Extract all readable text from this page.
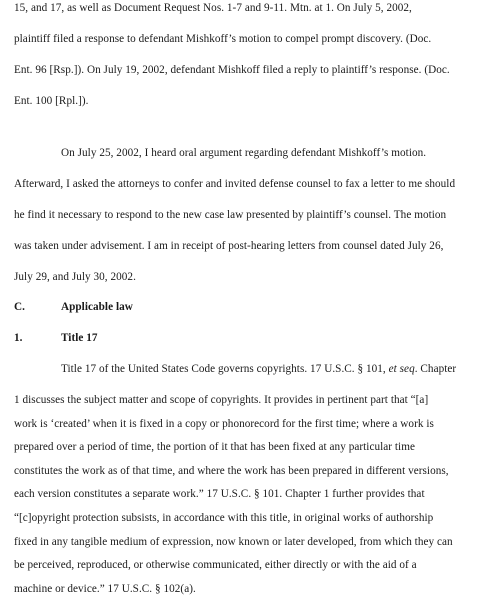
15, and 17, as well as Document Request Nos. 1-7 and 9-11. Mtn. at 1. On July 5, 2002,
plaintiff filed a response to defendant Mishkoff’s motion to compel prompt discovery. (Doc.
Ent. 96 [Rsp.]). On July 19, 2002, defendant Mishkoff filed a reply to plaintiff’s response. (Doc.
Ent. 100 [Rpl.]).
On July 25, 2002, I heard oral argument regarding defendant Mishkoff’s motion.
Afterward, I asked the attorneys to confer and invited defense counsel to fax a letter to me should
he find it necessary to respond to the new case law presented by plaintiff’s counsel. The motion
was taken under advisement. I am in receipt of post-hearing letters from counsel dated July 26,
July 29, and July 30, 2002.
C.	Applicable law
1.	Title 17
Title 17 of the United States Code governs copyrights. 17 U.S.C. § 101, et seq. Chapter
1 discusses the subject matter and scope of copyrights. It provides in pertinent part that “[a]
work is ‘created’ when it is fixed in a copy or phonorecord for the first time; where a work is
prepared over a period of time, the portion of it that has been fixed at any particular time
constitutes the work as of that time, and where the work has been prepared in different versions,
each version constitutes a separate work.” 17 U.S.C. § 101. Chapter 1 further provides that
“[c]opyright protection subsists, in accordance with this title, in original works of authorship
fixed in any tangible medium of expression, now known or later developed, from which they can
be perceived, reproduced, or otherwise communicated, either directly or with the aid of a
machine or device.” 17 U.S.C. § 102(a).
